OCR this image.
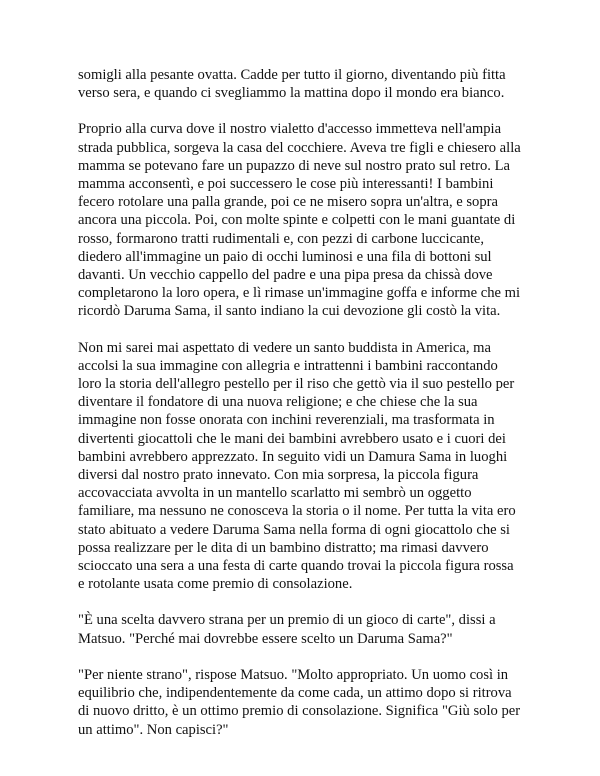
somigli alla pesante ovatta. Cadde per tutto il giorno, diventando più fitta
verso sera, e quando ci svegliammo la mattina dopo il mondo era bianco.

Proprio alla curva dove il nostro vialetto d'accesso immetteva nell'ampia
strada pubblica, sorgeva la casa del cocchiere. Aveva tre figli e chiesero alla
mamma se potevano fare un pupazzo di neve sul nostro prato sul retro. La
mamma acconsentì, e poi successero le cose più interessanti! I bambini
fecero rotolare una palla grande, poi ce ne misero sopra un'altra, e sopra
ancora una piccola. Poi, con molte spinte e colpetti con le mani guantate di
rosso, formarono tratti rudimentali e, con pezzi di carbone luccicante,
diedero all'immagine un paio di occhi luminosi e una fila di bottoni sul
davanti. Un vecchio cappello del padre e una pipa presa da chissà dove
completarono la loro opera, e lì rimase un'immagine goffa e informe che mi
ricordò Daruma Sama, il santo indiano la cui devozione gli costò la vita.

Non mi sarei mai aspettato di vedere un santo buddista in America, ma
accolsi la sua immagine con allegria e intrattenni i bambini raccontando
loro la storia dell'allegro pestello per il riso che gettò via il suo pestello per
diventare il fondatore di una nuova religione; e che chiese che la sua
immagine non fosse onorata con inchini reverenziali, ma trasformata in
divertenti giocattoli che le mani dei bambini avrebbero usato e i cuori dei
bambini avrebbero apprezzato. In seguito vidi un Damura Sama in luoghi
diversi dal nostro prato innevato. Con mia sorpresa, la piccola figura
accovacciata avvolta in un mantello scarlatto mi sembrò un oggetto
familiare, ma nessuno ne conosceva la storia o il nome. Per tutta la vita ero
stato abituato a vedere Daruma Sama nella forma di ogni giocattolo che si
possa realizzare per le dita di un bambino distratto; ma rimasi davvero
scioccato una sera a una festa di carte quando trovai la piccola figura rossa
e rotolante usata come premio di consolazione.

"È una scelta davvero strana per un premio di un gioco di carte", dissi a
Matsuo. "Perché mai dovrebbe essere scelto un Daruma Sama?"

"Per niente strano", rispose Matsuo. "Molto appropriato. Un uomo così in
equilibrio che, indipendentemente da come cada, un attimo dopo si ritrova
di nuovo dritto, è un ottimo premio di consolazione. Significa "Giù solo per
un attimo". Non capisci?"
